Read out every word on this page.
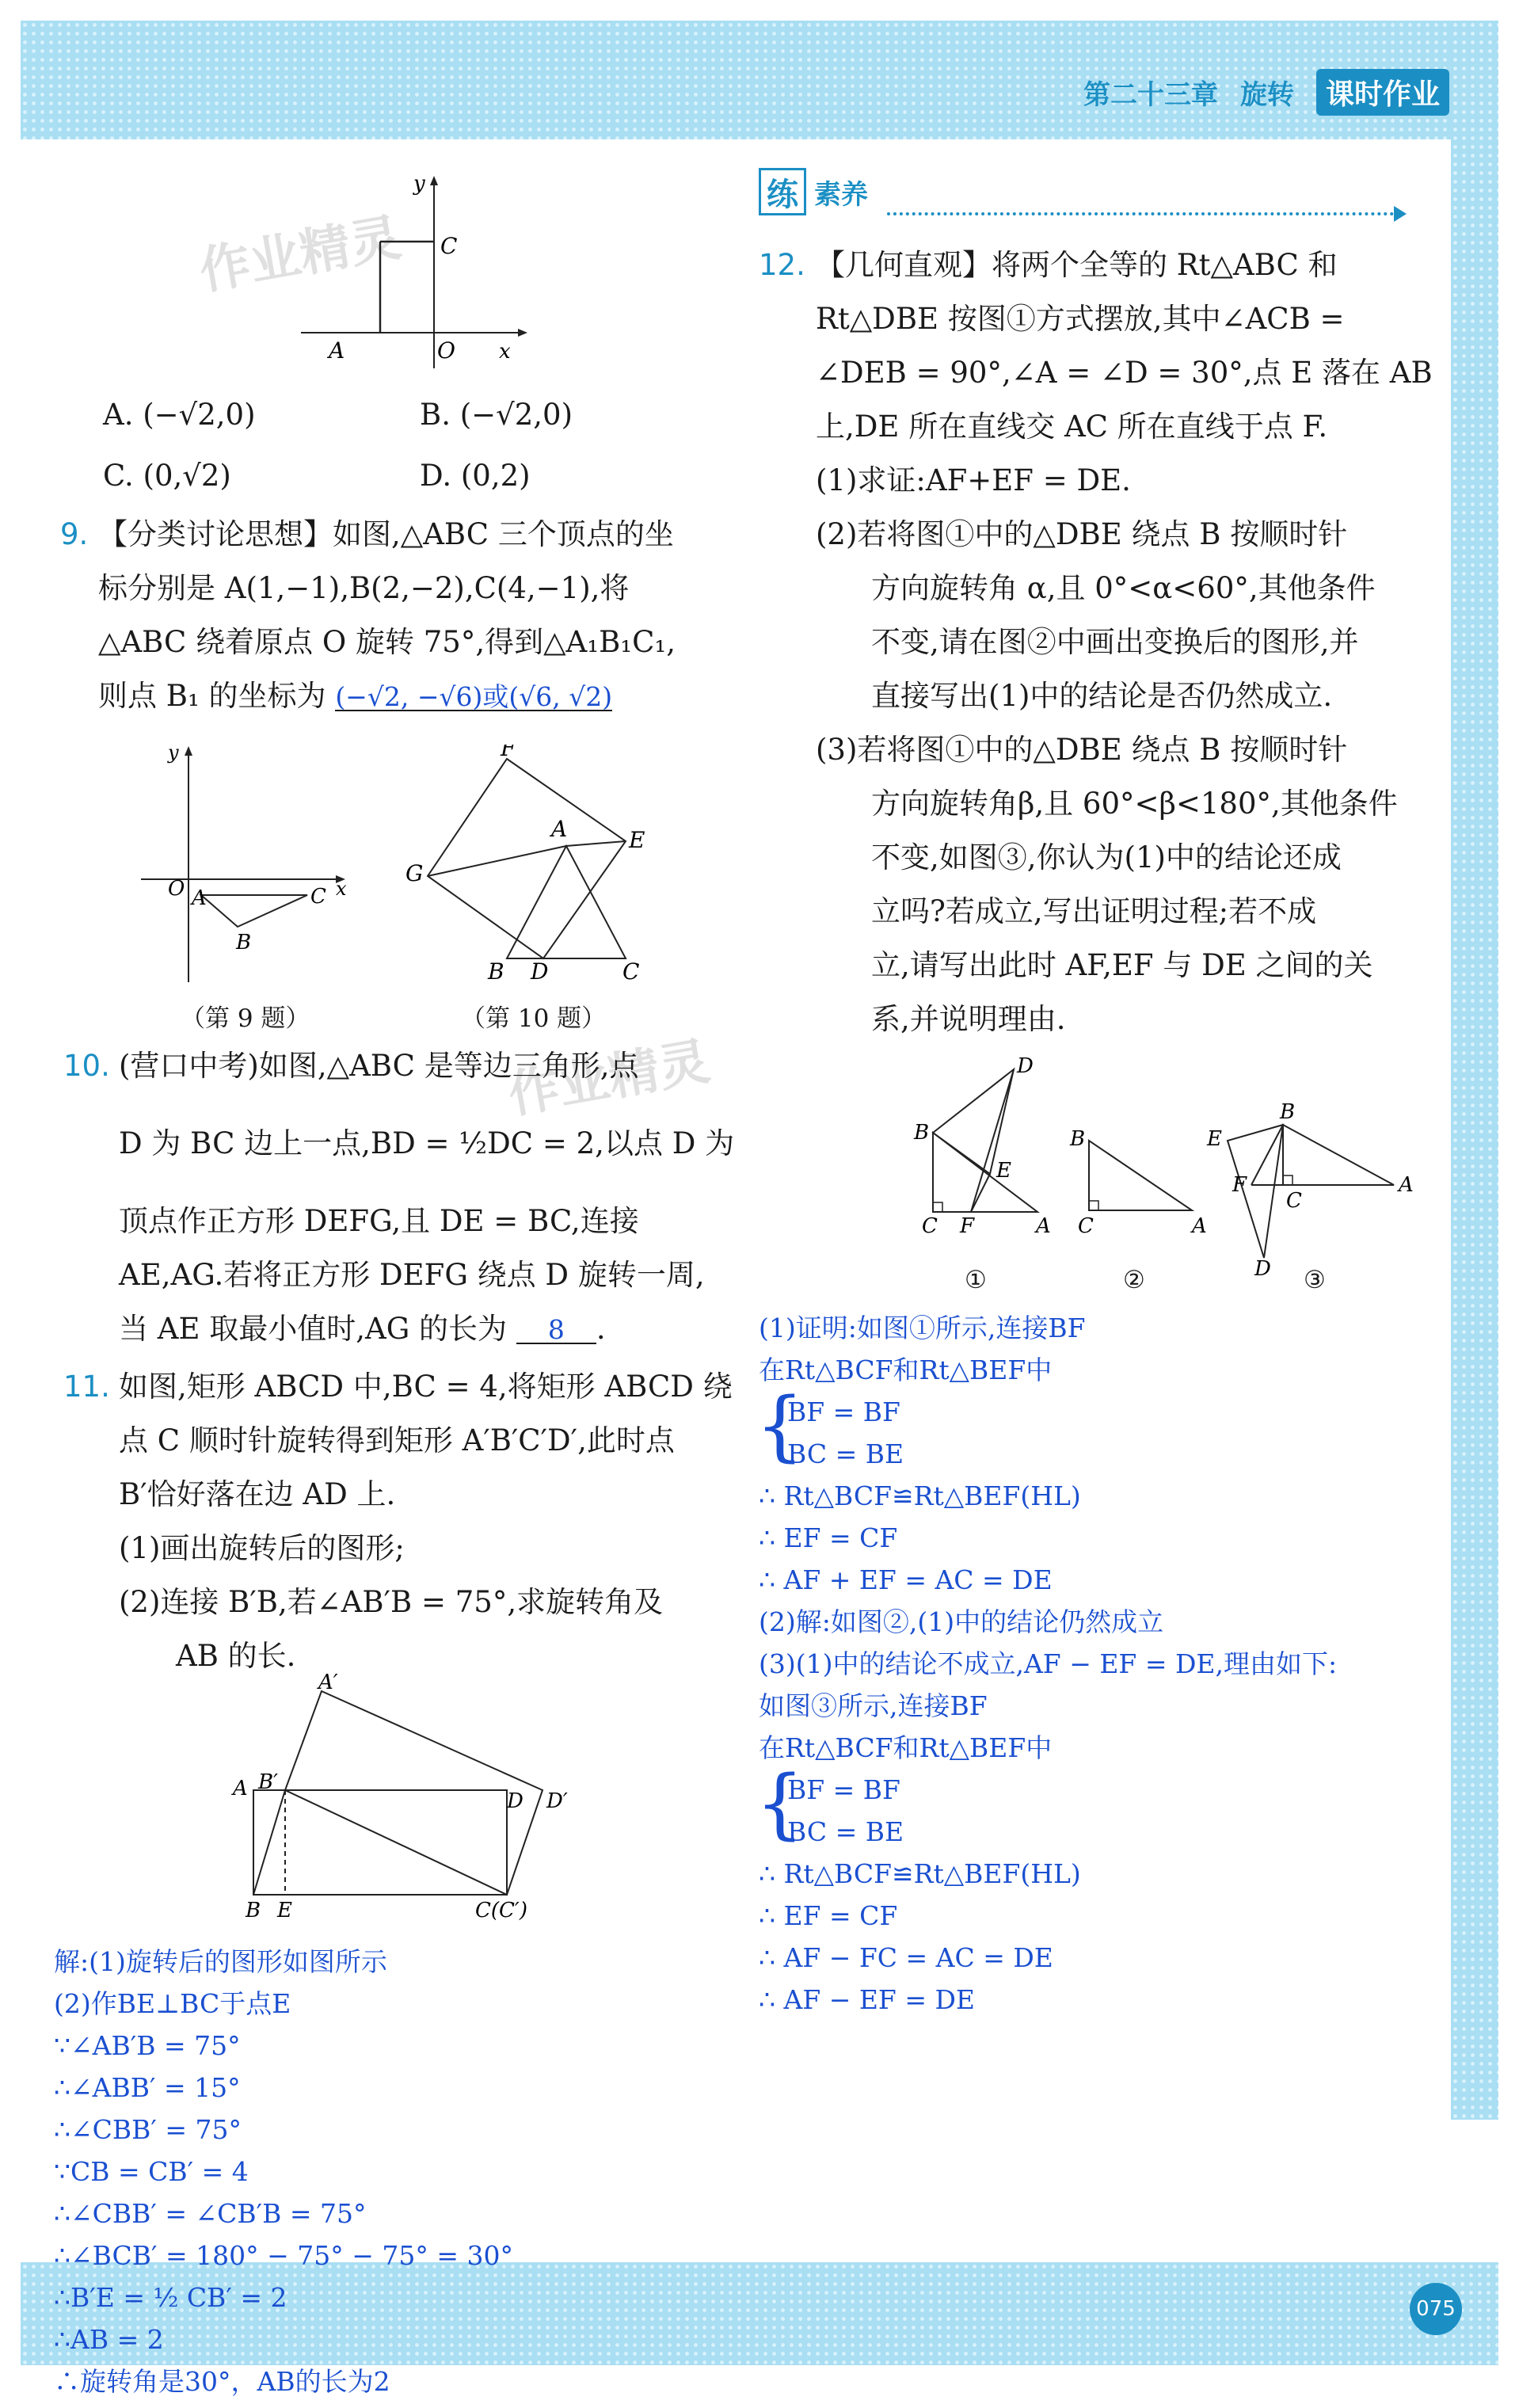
第二十三章 旋转	课时作业
作业精灵
作业精灵
y
C
A	O x
A. (−√2,0)	B. (−√2,0)
C. (0,√2)	D. (0,2)
9. 【分类讨论思想】如图,△ABC 三个顶点的坐
标分别是 A(1,−1),B(2,−2),C(4,−1),将
△ABC 绕着原点 O 旋转 75°,得到△A₁B₁C₁,
则点 B₁ 的坐标为 (−√2, −√6)或(√6, √2)
y
O A	C x
B
（第 9 题）
F
A	E
G
B D	C
（第 10 题）
10. (营口中考)如图,△ABC 是等边三角形,点
D 为 BC 边上一点,BD = ½DC = 2,以点 D 为
顶点作正方形 DEFG,且 DE = BC,连接
AE,AG.若将正方形 DEFG 绕点 D 旋转一周,
当 AE 取最小值时,AG 的长为 8 .
11. 如图,矩形 ABCD 中,BC = 4,将矩形 ABCD 绕
点 C 顺时针旋转得到矩形 A′B′C′D′,此时点
B′恰好落在边 AD 上.
(1)画出旋转后的图形;
(2)连接 B′B,若∠AB′B = 75°,求旋转角及
AB 的长.
A′
A B′
D D′
B E	C(C′)
解:(1)旋转后的图形如图所示
(2)作BE⊥BC于点E
∵∠AB′B = 75°
∴∠ABB′ = 15°
∴∠CBB′ = 75°
∵CB = CB′ = 4
∴∠CBB′ = ∠CB′B = 75°
∴∠BCB′ = 180° − 75° − 75° = 30°
∴B′E = ½ CB′ = 2
∴AB = 2
∴旋转角是30°，AB的长为2
练 素养
12. 【几何直观】将两个全等的 Rt△ABC 和
Rt△DBE 按图①方式摆放,其中∠ACB =
∠DEB = 90°,∠A = ∠D = 30°,点 E 落在 AB
上,DE 所在直线交 AC 所在直线于点 F.
(1)求证:AF+EF = DE.
(2)若将图①中的△DBE 绕点 B 按顺时针
方向旋转角 α,且 0°<α<60°,其他条件
不变,请在图②中画出变换后的图形,并
直接写出(1)中的结论是否仍然成立.
(3)若将图①中的△DBE 绕点 B 按顺时针
方向旋转角β,且 60°<β<180°,其他条件
不变,如图③,你认为(1)中的结论还成
立吗?若成立,写出证明过程;若不成
立,请写出此时 AF,EF 与 DE 之间的关
系,并说明理由.
D
B
E
C F	A
B
C	A
B
E
F
C
A
D
①	②	③
(1)证明:如图①所示,连接BF
在Rt△BCF和Rt△BEF中
{
BF = BF
BC = BE
∴ Rt△BCF≌Rt△BEF(HL)
∴ EF = CF
∴ AF + EF = AC = DE
(2)解:如图②,(1)中的结论仍然成立
(3)(1)中的结论不成立,AF − EF = DE,理由如下:
如图③所示,连接BF
在Rt△BCF和Rt△BEF中
{
BF = BF
BC = BE
∴ Rt△BCF≌Rt△BEF(HL)
∴ EF = CF
∴ AF − FC = AC = DE
∴ AF − EF = DE
075
